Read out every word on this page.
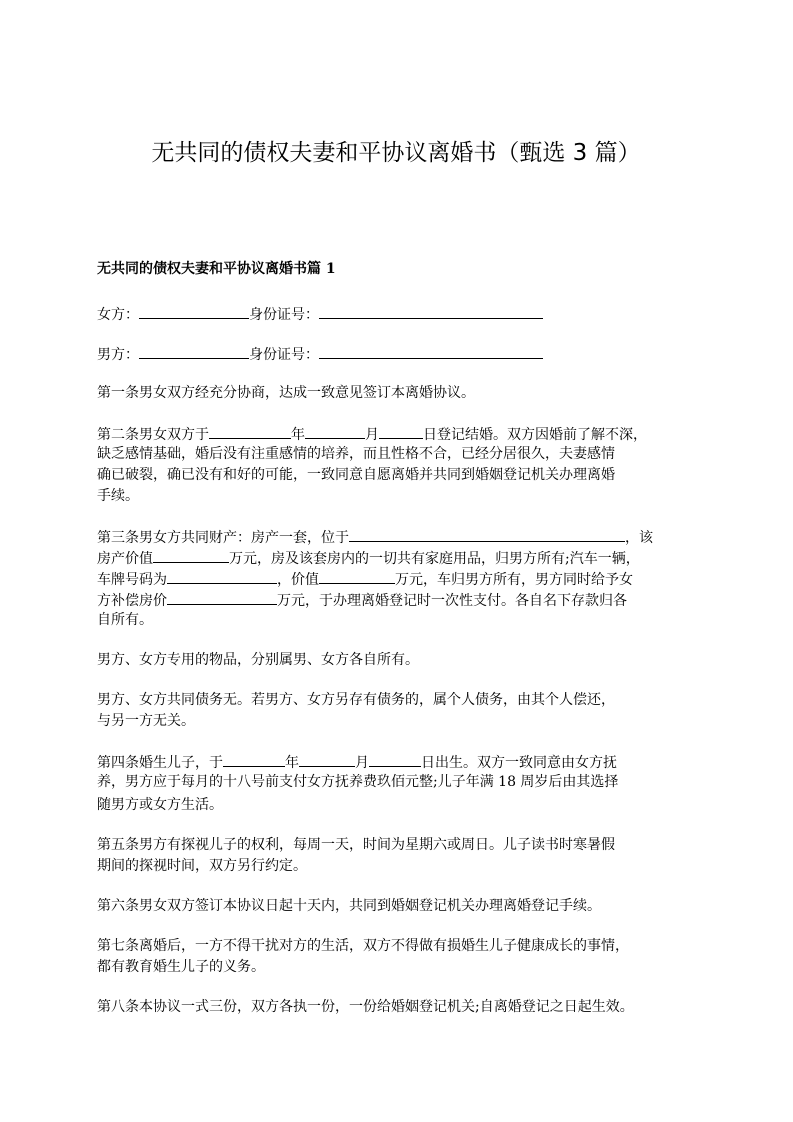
无共同的债权夫妻和平协议离婚书（甄选 3 篇）
无共同的债权夫妻和平协议离婚书篇 1
女方：	身份证号：
男方：	身份证号：
第一条男女双方经充分协商，达成一致意见签订本离婚协议。
第二条男女双方于	年	月	日登记结婚。双方因婚前了解不深，
缺乏感情基础，婚后没有注重感情的培养，而且性格不合，已经分居很久，夫妻感情
确已破裂，确已没有和好的可能，一致同意自愿离婚并共同到婚姻登记机关办理离婚
手续。
第三条男女方共同财产：房产一套，位于	，该
房产价值	万元，房及该套房内的一切共有家庭用品，归男方所有;汽车一辆，
车牌号码为	，价值	万元，车归男方所有，男方同时给予女
方补偿房价	万元，于办理离婚登记时一次性支付。各自名下存款归各
自所有。
男方、女方专用的物品，分别属男、女方各自所有。
男方、女方共同债务无。若男方、女方另存有债务的，属个人债务，由其个人偿还，
与另一方无关。
第四条婚生儿子，于	年	月	日出生。双方一致同意由女方抚
养，男方应于每月的十八号前支付女方抚养费玖佰元整;儿子年满 18 周岁后由其选择
随男方或女方生活。
第五条男方有探视儿子的权利，每周一天，时间为星期六或周日。儿子读书时寒暑假
期间的探视时间，双方另行约定。
第六条男女双方签订本协议日起十天内，共同到婚姻登记机关办理离婚登记手续。
第七条离婚后，一方不得干扰对方的生活，双方不得做有损婚生儿子健康成长的事情，
都有教育婚生儿子的义务。
第八条本协议一式三份，双方各执一份，一份给婚姻登记机关;自离婚登记之日起生效。
